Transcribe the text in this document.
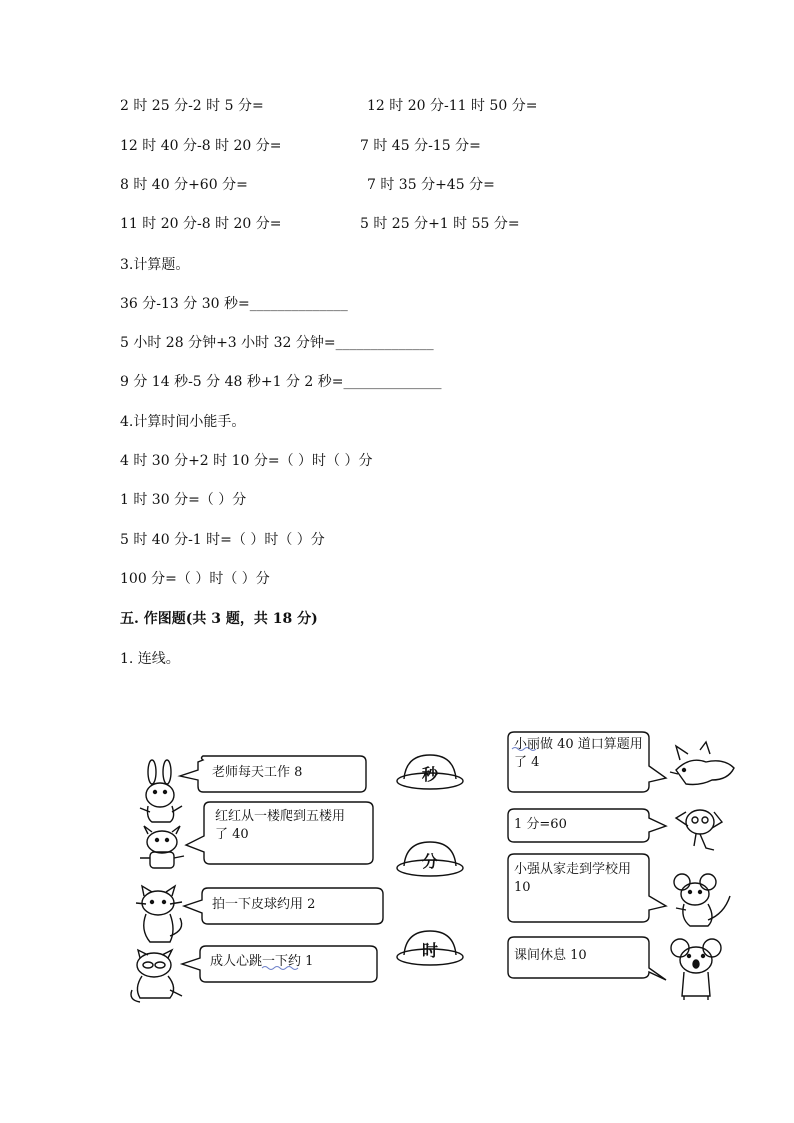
2 时 25 分-2 时 5 分=	12 时 20 分-11 时 50 分=
12 时 40 分-8 时 20 分=	7 时 45 分-15 分=
8 时 40 分+60 分=	7 时 35 分+45 分=
11 时 20 分-8 时 20 分=	5 时 25 分+1 时 55 分=
3.计算题。
36 分-13 分 30 秒=______________
5 小时 28 分钟+3 小时 32 分钟=______________
9 分 14 秒-5 分 48 秒+1 分 2 秒=______________
4.计算时间小能手。
4 时 30 分+2 时 10 分=（ ）时（ ）分
1 时 30 分=（ ）分
5 时 40 分-1 时=（ ）时（ ）分
100 分=（ ）时（ ）分
五. 作图题(共 3 题，共 18 分)
1. 连线。
老师每天工作 8
红红从一楼爬到五楼用
了 40
拍一下皮球约用 2
成人心跳一下约 1
秒
分
时
小丽做 40 道口算题用
了 4
1 分=60
小强从家走到学校用
10
课间休息 10
